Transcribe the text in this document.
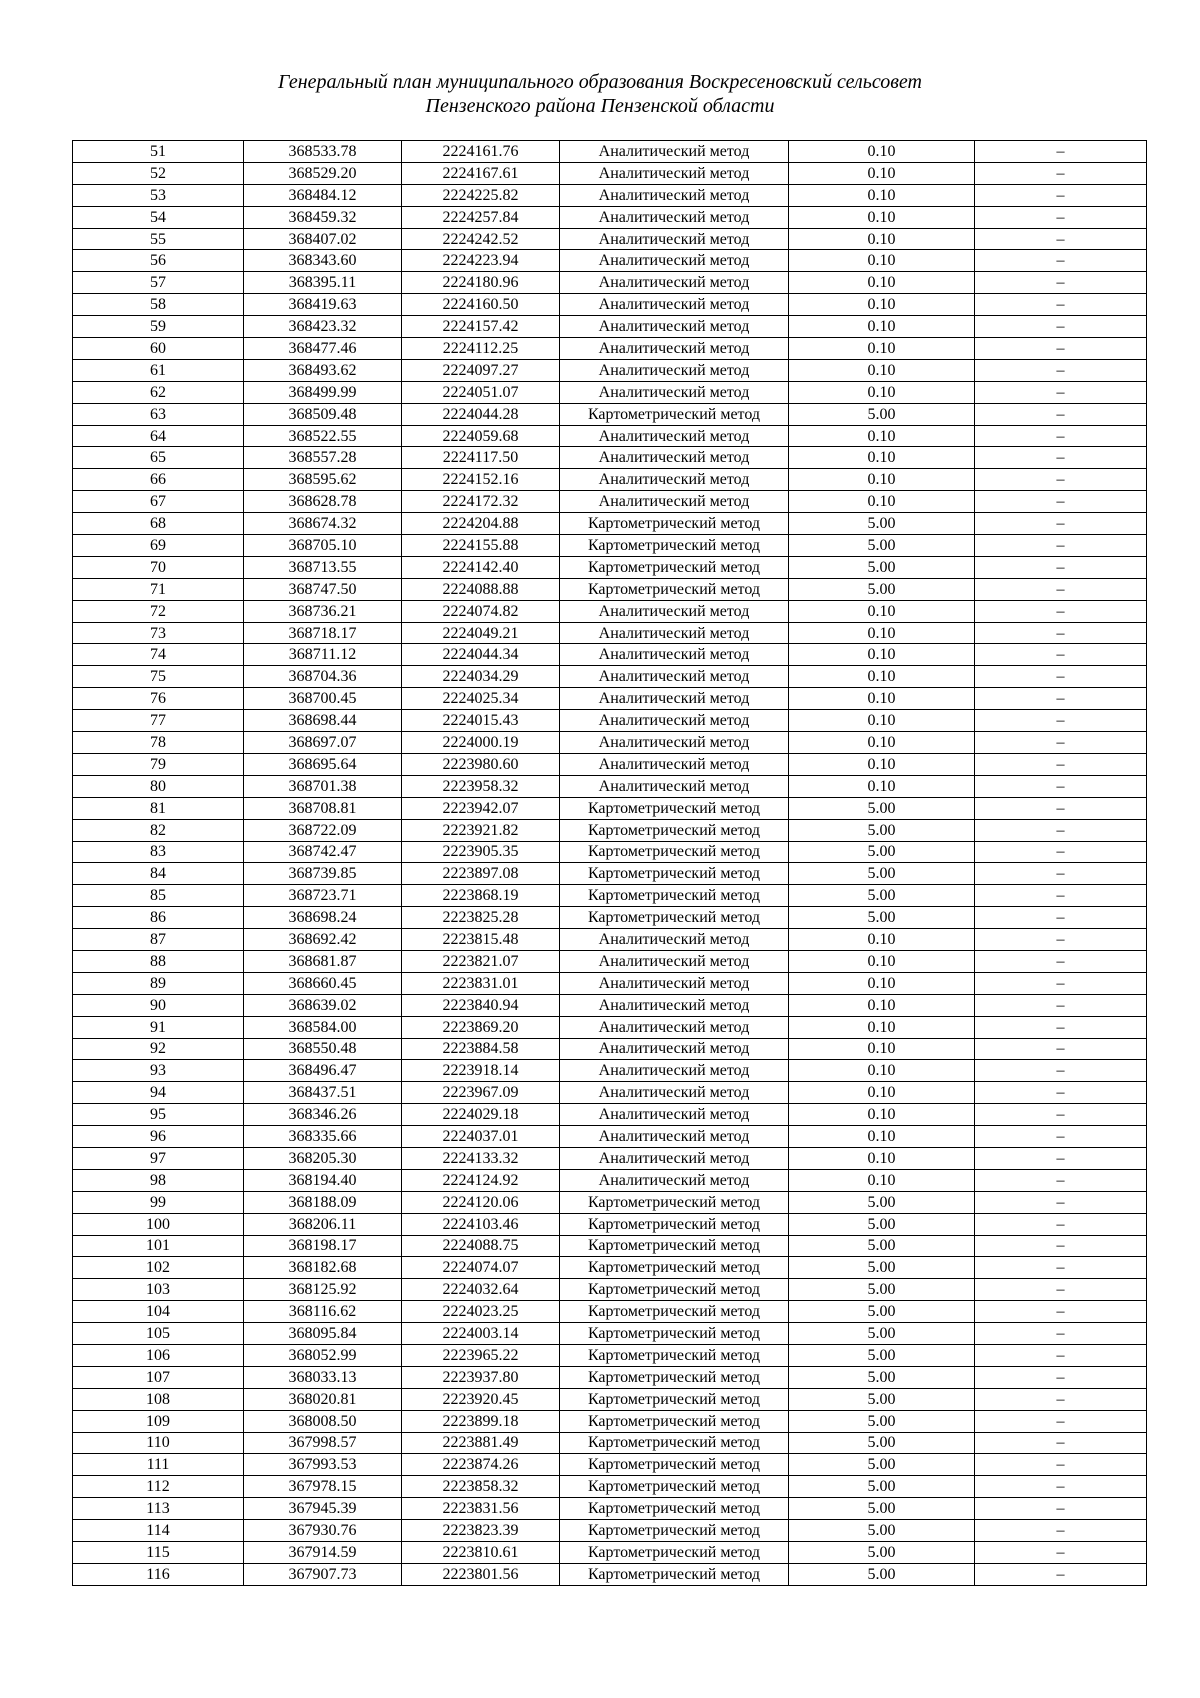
Генеральный план муниципального образования Воскресеновский сельсовет
Пензенского района Пензенской области
51	368533.78	2224161.76	Аналитический метод	0.10	–
52	368529.20	2224167.61	Аналитический метод	0.10	–
53	368484.12	2224225.82	Аналитический метод	0.10	–
54	368459.32	2224257.84	Аналитический метод	0.10	–
55	368407.02	2224242.52	Аналитический метод	0.10	–
56	368343.60	2224223.94	Аналитический метод	0.10	–
57	368395.11	2224180.96	Аналитический метод	0.10	–
58	368419.63	2224160.50	Аналитический метод	0.10	–
59	368423.32	2224157.42	Аналитический метод	0.10	–
60	368477.46	2224112.25	Аналитический метод	0.10	–
61	368493.62	2224097.27	Аналитический метод	0.10	–
62	368499.99	2224051.07	Аналитический метод	0.10	–
63	368509.48	2224044.28	Картометрический метод	5.00	–
64	368522.55	2224059.68	Аналитический метод	0.10	–
65	368557.28	2224117.50	Аналитический метод	0.10	–
66	368595.62	2224152.16	Аналитический метод	0.10	–
67	368628.78	2224172.32	Аналитический метод	0.10	–
68	368674.32	2224204.88	Картометрический метод	5.00	–
69	368705.10	2224155.88	Картометрический метод	5.00	–
70	368713.55	2224142.40	Картометрический метод	5.00	–
71	368747.50	2224088.88	Картометрический метод	5.00	–
72	368736.21	2224074.82	Аналитический метод	0.10	–
73	368718.17	2224049.21	Аналитический метод	0.10	–
74	368711.12	2224044.34	Аналитический метод	0.10	–
75	368704.36	2224034.29	Аналитический метод	0.10	–
76	368700.45	2224025.34	Аналитический метод	0.10	–
77	368698.44	2224015.43	Аналитический метод	0.10	–
78	368697.07	2224000.19	Аналитический метод	0.10	–
79	368695.64	2223980.60	Аналитический метод	0.10	–
80	368701.38	2223958.32	Аналитический метод	0.10	–
81	368708.81	2223942.07	Картометрический метод	5.00	–
82	368722.09	2223921.82	Картометрический метод	5.00	–
83	368742.47	2223905.35	Картометрический метод	5.00	–
84	368739.85	2223897.08	Картометрический метод	5.00	–
85	368723.71	2223868.19	Картометрический метод	5.00	–
86	368698.24	2223825.28	Картометрический метод	5.00	–
87	368692.42	2223815.48	Аналитический метод	0.10	–
88	368681.87	2223821.07	Аналитический метод	0.10	–
89	368660.45	2223831.01	Аналитический метод	0.10	–
90	368639.02	2223840.94	Аналитический метод	0.10	–
91	368584.00	2223869.20	Аналитический метод	0.10	–
92	368550.48	2223884.58	Аналитический метод	0.10	–
93	368496.47	2223918.14	Аналитический метод	0.10	–
94	368437.51	2223967.09	Аналитический метод	0.10	–
95	368346.26	2224029.18	Аналитический метод	0.10	–
96	368335.66	2224037.01	Аналитический метод	0.10	–
97	368205.30	2224133.32	Аналитический метод	0.10	–
98	368194.40	2224124.92	Аналитический метод	0.10	–
99	368188.09	2224120.06	Картометрический метод	5.00	–
100	368206.11	2224103.46	Картометрический метод	5.00	–
101	368198.17	2224088.75	Картометрический метод	5.00	–
102	368182.68	2224074.07	Картометрический метод	5.00	–
103	368125.92	2224032.64	Картометрический метод	5.00	–
104	368116.62	2224023.25	Картометрический метод	5.00	–
105	368095.84	2224003.14	Картометрический метод	5.00	–
106	368052.99	2223965.22	Картометрический метод	5.00	–
107	368033.13	2223937.80	Картометрический метод	5.00	–
108	368020.81	2223920.45	Картометрический метод	5.00	–
109	368008.50	2223899.18	Картометрический метод	5.00	–
110	367998.57	2223881.49	Картометрический метод	5.00	–
111	367993.53	2223874.26	Картометрический метод	5.00	–
112	367978.15	2223858.32	Картометрический метод	5.00	–
113	367945.39	2223831.56	Картометрический метод	5.00	–
114	367930.76	2223823.39	Картометрический метод	5.00	–
115	367914.59	2223810.61	Картометрический метод	5.00	–
116	367907.73	2223801.56	Картометрический метод	5.00	–
